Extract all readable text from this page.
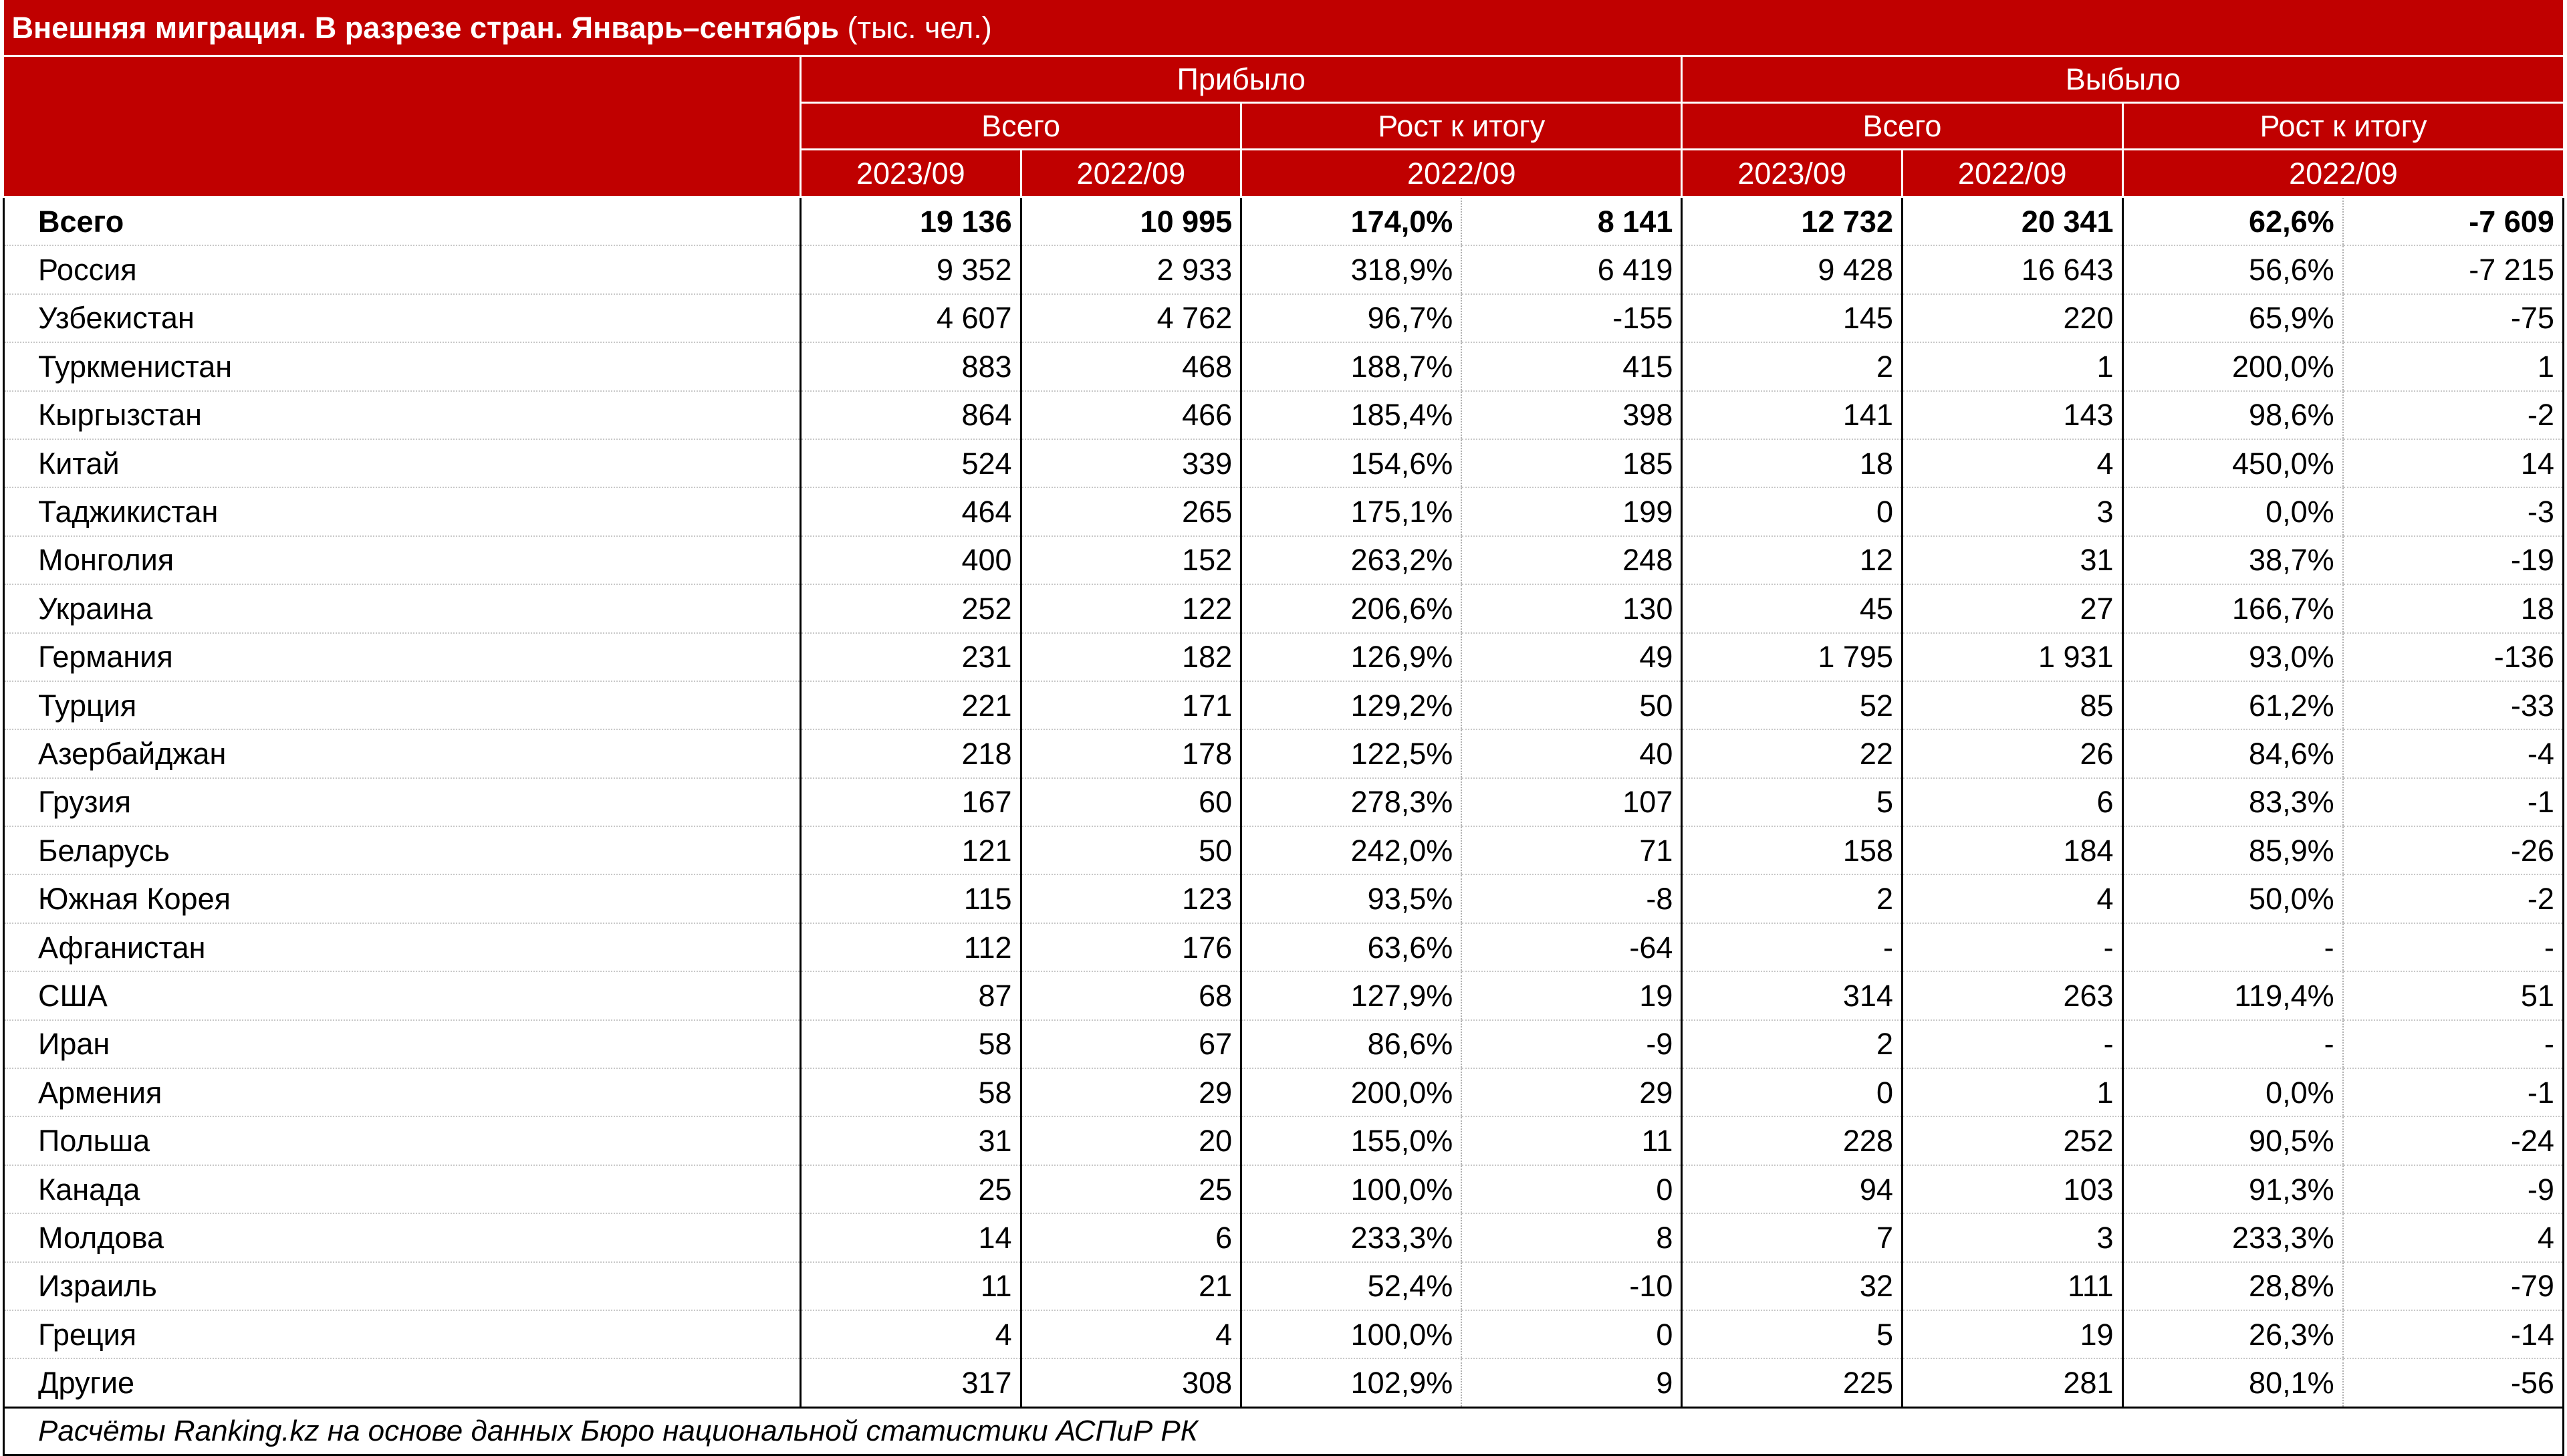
Внешняя миграция. В разрезе стран. Январь–сентябрь (тыс. чел.)								
	Прибыло				Выбыло			
	Всего		Рост к итогу		Всего		Рост к итогу	
	2023/09	2022/09	2022/09		2023/09	2022/09	2022/09	
Всего	19 136	10 995	174,0%	8 141	12 732	20 341	62,6%	-7 609
Россия	9 352	2 933	318,9%	6 419	9 428	16 643	56,6%	-7 215
Узбекистан	4 607	4 762	96,7%	-155	145	220	65,9%	-75
Туркменистан	883	468	188,7%	415	2	1	200,0%	1
Кыргызстан	864	466	185,4%	398	141	143	98,6%	-2
Китай	524	339	154,6%	185	18	4	450,0%	14
Таджикистан	464	265	175,1%	199	0	3	0,0%	-3
Монголия	400	152	263,2%	248	12	31	38,7%	-19
Украина	252	122	206,6%	130	45	27	166,7%	18
Германия	231	182	126,9%	49	1 795	1 931	93,0%	-136
Турция	221	171	129,2%	50	52	85	61,2%	-33
Азербайджан	218	178	122,5%	40	22	26	84,6%	-4
Грузия	167	60	278,3%	107	5	6	83,3%	-1
Беларусь	121	50	242,0%	71	158	184	85,9%	-26
Южная Корея	115	123	93,5%	-8	2	4	50,0%	-2
Афганистан	112	176	63,6%	-64	-	-	-	-
США	87	68	127,9%	19	314	263	119,4%	51
Иран	58	67	86,6%	-9	2	-	-	-
Армения	58	29	200,0%	29	0	1	0,0%	-1
Польша	31	20	155,0%	11	228	252	90,5%	-24
Канада	25	25	100,0%	0	94	103	91,3%	-9
Молдова	14	6	233,3%	8	7	3	233,3%	4
Израиль	11	21	52,4%	-10	32	111	28,8%	-79
Греция	4	4	100,0%	0	5	19	26,3%	-14
Другие	317	308	102,9%	9	225	281	80,1%	-56
Расчёты Ranking.kz на основе данных Бюро национальной статистики АСПиР РК								
